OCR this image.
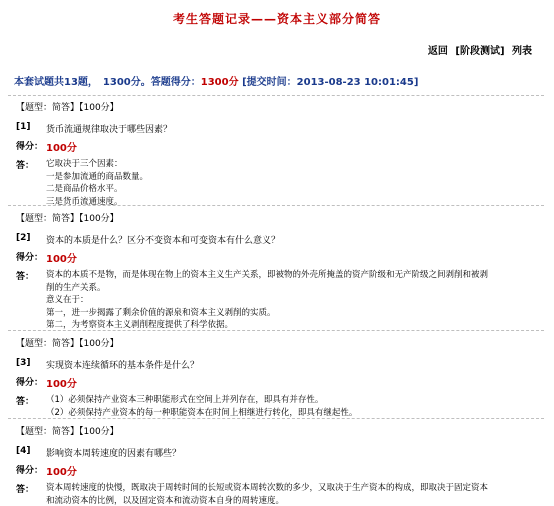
考生答题记录——资本主义部分简答
返回 [阶段测试] 列表
本套试题共13题，　1300分。答题得分：1300分 [提交时间：2013-08-23 10:01:45]
【题型：简答】【100分】
[1]	货币流通规律取决于哪些因素？
得分： 100分
答：	它取决于三个因素：
一是参加流通的商品数量。
二是商品价格水平。
三是货币流通速度。
【题型：简答】【100分】
[2]	资本的本质是什么？区分不变资本和可变资本有什么意义？
得分： 100分
答：	资本的本质不是物，而是体现在物上的资本主义生产关系，即被物的外壳所掩盖的资产阶级和无产阶级之间剥削和被剥
削的生产关系。
意义在于：
第一，进一步揭露了剩余价值的源泉和资本主义剥削的实质。
第二，为考察资本主义剥削程度提供了科学依据。
【题型：简答】【100分】
[3]	实现资本连续循环的基本条件是什么？
得分： 100分
答：	（1）必须保持产业资本三种职能形式在空间上并列存在，即具有并存性。
（2）必须保持产业资本的每一种职能资本在时间上相继进行转化，即具有继起性。
【题型：简答】【100分】
[4]	影响资本周转速度的因素有哪些？
得分： 100分
答：	资本周转速度的快慢，既取决于周转时间的长短或资本周转次数的多少，又取决于生产资本的构成，即取决于固定资本
和流动资本的比例，以及固定资本和流动资本自身的周转速度。
